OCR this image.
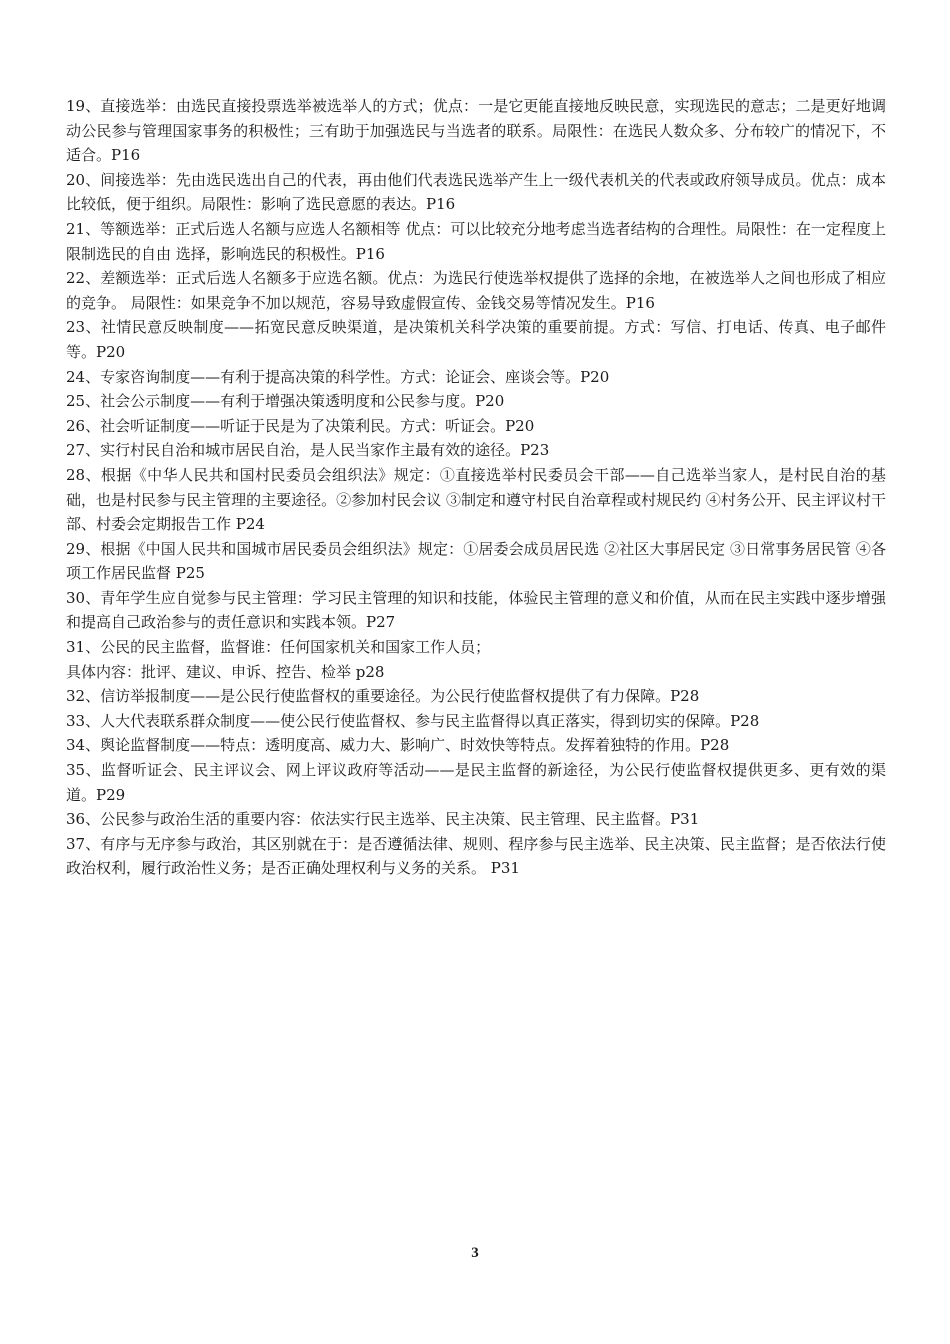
19、直接选举：由选民直接投票选举被选举人的方式；优点：一是它更能直接地反映民意，实现选民的意志；二是更好地调动公民参与管理国家事务的积极性；三有助于加强选民与当选者的联系。局限性：在选民人数众多、分布较广的情况下，不适合。P16

20、间接选举：先由选民选出自己的代表，再由他们代表选民选举产生上一级代表机关的代表或政府领导成员。优点：成本比较低，便于组织。局限性：影响了选民意愿的表达。P16

21、等额选举：正式后选人名额与应选人名额相等 优点：可以比较充分地考虑当选者结构的合理性。局限性：在一定程度上限制选民的自由 选择，影响选民的积极性。P16

22、差额选举：正式后选人名额多于应选名额。优点：为选民行使选举权提供了选择的余地，在被选举人之间也形成了相应的竞争。 局限性：如果竞争不加以规范，容易导致虚假宣传、金钱交易等情况发生。P16

23、社情民意反映制度——拓宽民意反映渠道，是决策机关科学决策的重要前提。方式：写信、打电话、传真、电子邮件等。P20

24、专家咨询制度——有利于提高决策的科学性。方式：论证会、座谈会等。P20

25、社会公示制度——有利于增强决策透明度和公民参与度。P20

26、社会听证制度——听证于民是为了决策利民。方式：听证会。P20

27、实行村民自治和城市居民自治，是人民当家作主最有效的途径。P23

28、根据《中华人民共和国村民委员会组织法》规定：①直接选举村民委员会干部——自己选举当家人，是村民自治的基础，也是村民参与民主管理的主要途径。②参加村民会议 ③制定和遵守村民自治章程或村规民约 ④村务公开、民主评议村干部、村委会定期报告工作 P24

29、根据《中国人民共和国城市居民委员会组织法》规定：①居委会成员居民选 ②社区大事居民定 ③日常事务居民管 ④各项工作居民监督 P25

30、青年学生应自觉参与民主管理：学习民主管理的知识和技能，体验民主管理的意义和价值，从而在民主实践中逐步增强和提高自己政治参与的责任意识和实践本领。P27

31、公民的民主监督，监督谁：任何国家机关和国家工作人员；

具体内容：批评、建议、申诉、控告、检举 p28

32、信访举报制度——是公民行使监督权的重要途径。为公民行使监督权提供了有力保障。P28

33、人大代表联系群众制度——使公民行使监督权、参与民主监督得以真正落实，得到切实的保障。P28

34、舆论监督制度——特点：透明度高、威力大、影响广、时效快等特点。发挥着独特的作用。P28

35、监督听证会、民主评议会、网上评议政府等活动——是民主监督的新途径，为公民行使监督权提供更多、更有效的渠道。P29

36、公民参与政治生活的重要内容：依法实行民主选举、民主决策、民主管理、民主监督。P31

37、有序与无序参与政治，其区别就在于：是否遵循法律、规则、程序参与民主选举、民主决策、民主监督；是否依法行使政治权利，履行政治性义务；是否正确处理权利与义务的关系。 P31

3
